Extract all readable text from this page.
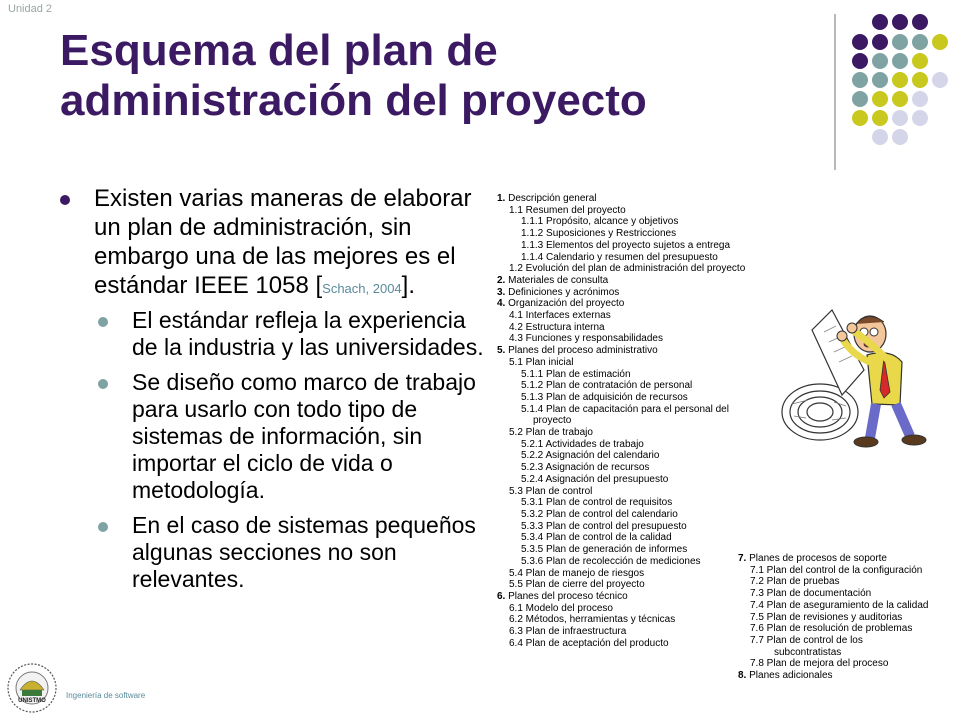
Unidad 2
Esquema del plan de administración del proyecto
Existen varias maneras de elaborar un plan de administración, sin embargo una de las mejores es el estándar IEEE 1058 [Schach, 2004].
El estándar refleja la experiencia de la industria y las universidades.
Se diseño como marco de trabajo para usarlo con todo tipo de sistemas de información, sin importar el ciclo de vida o metodología.
En el caso de sistemas pequeños algunas secciones no son relevantes.
1. Descripción general
1.1 Resumen del proyecto
1.1.1 Propósito, alcance y objetivos
1.1.2 Suposiciones y Restricciones
1.1.3 Elementos del proyecto sujetos a entrega
1.1.4 Calendario y resumen del presupuesto
1.2 Evolución del plan de administración del proyecto
2. Materiales de consulta
3. Definiciones y acrónimos
4. Organización del proyecto
4.1 Interfaces externas
4.2 Estructura interna
4.3 Funciones y responsabilidades
5. Planes del proceso administrativo
5.1 Plan inicial
5.1.1 Plan de estimación
5.1.2 Plan de contratación de personal
5.1.3 Plan de adquisición de recursos
5.1.4 Plan de capacitación para el personal del
proyecto
5.2 Plan de trabajo
5.2.1 Actividades de trabajo
5.2.2 Asignación del calendario
5.2.3 Asignación de recursos
5.2.4 Asignación del presupuesto
5.3 Plan de control
5.3.1 Plan de control de requisitos
5.3.2 Plan de control del calendario
5.3.3 Plan de control del presupuesto
5.3.4 Plan de control de la calidad
5.3.5 Plan de generación de informes
5.3.6 Plan de recolección de mediciones
5.4 Plan de manejo de riesgos
5.5 Plan de cierre del proyecto
6. Planes del proceso técnico
6.1 Modelo del proceso
6.2 Métodos, herramientas y técnicas
6.3 Plan de infraestructura
6.4 Plan de aceptación del producto
7. Planes de procesos de soporte
7.1 Plan del control de la configuración
7.2 Plan de pruebas
7.3 Plan de documentación
7.4 Plan de aseguramiento de la calidad
7.5 Plan de revisiones y auditorias
7.6 Plan de resolución de problemas
7.7 Plan de control de los
subcontratistas
7.8 Plan de mejora del proceso
8. Planes adicionales
UNISTMO
Ingeniería de software
